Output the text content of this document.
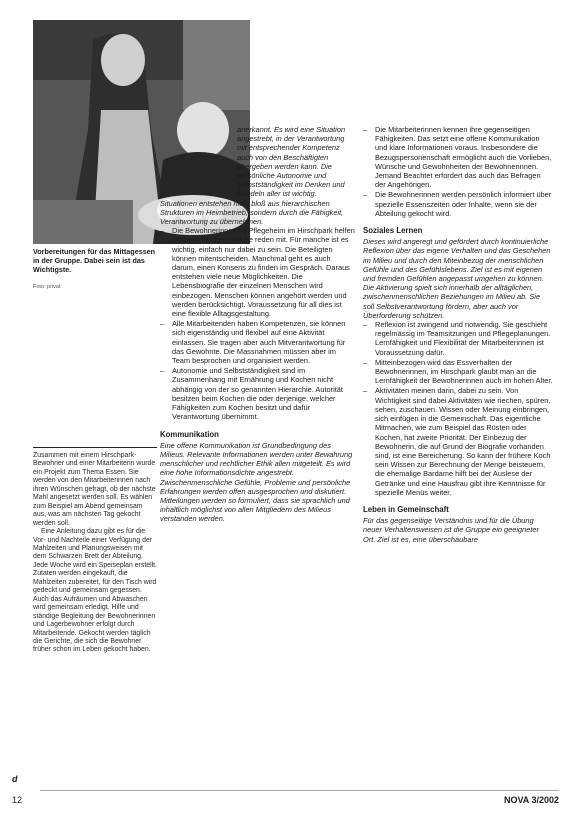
Vorbereitungen für das Mittagessen in der Gruppe. Dabei sein ist das Wichtigste.
Foto: privat

Zusammen mit einem Hirschpark-Bewohner und einer Mitarbeiterin wurde ein Projekt zum Thema Essen. Sie werden von den Mitarbeiterinnen nach ihren Wünschen gefragt, ob der nächste Mahl angesetzt werden soll. Es wählen zum Beispiel am Abend gemeinsam aus, was am nächsten Tag gekocht werden soll.

Eine Anleitung dazu gibt es für die Vor- und Nachteile einer Verfügung der Mahlzeiten und Planungsweisen mit dem Schwarzen Brett der Abteilung. Jede Woche wird ein Speiseplan erstellt. Zutaten werden eingekauft, die Mahlzeiten zubereitet, für den Tisch wird gedeckt und gemeinsam gegessen. Auch das Aufräumen und Abwaschen wird gemeinsam erledigt. Hilfe und ständige Begleitung der Bewohnerinnen und Lagerbewohner erfolgt durch Mitarbeitende. Gekocht werden täglich die Gerichte, die sich die Bewohner früher schon im Leben gekocht haben.

anerkannt. Es wird eine Situation angestrebt, in der Verantwortung mit entsprechender Kompetenz auch von den Beschäftigten übergeben werden kann. Die persönliche Autonomie und Selbstständigkeit im Denken und Handeln aller ist wichtig.

Situationen entstehen nicht bloß aus hierarchischen Strukturen im Heimbetrieb, sondern durch die Fähigkeit, Verantwortung zu übernehmen.

– Die Bewohnerinnen im Pflegeheim im Hirschpark helfen mit beim Kochen und sie reden mit. Für manche ist es wichtig, einfach nur dabei zu sein. Die Beteiligten können mitentscheiden. Manchmal geht es auch darum, einen Konsens zu finden im Gespräch. Daraus entstehen viele neue Möglichkeiten. Die Lebensbiografie der einzelnen Menschen wird einbezogen. Menschen können angehört werden und werden berücksichtigt. Voraussetzung für all dies ist eine flexible Alltagsgestaltung.
– Alle Mitarbeitenden haben Kompetenzen, sie können sich eigenständig und flexibel auf eine Aktivität einlassen. Sie tragen aber auch Mitverantwortung für das Gewohnte. Die Massnahmen müssen aber im Team besprochen und organisiert werden.
– Autonomie und Selbstständigkeit sind im Zusammenhang mit Ernährung und Kochen nicht abhängig von der so genannten Hierarchie. Autorität besitzen beim Kochen die oder derjenige, welcher Fähigkeiten zum Kochen besitzt und dafür Verantwortung übernimmt.
Kommunikation

Eine offene Kommunikation ist Grundbedingung des Milieus. Relevante Informationen werden unter Bewahrung menschlicher und rechtlicher Ethik allen mitgeteilt. Es wird eine hohe Informationsdichte angestrebt. Zwischenmenschliche Gefühle, Probleme und persönliche Erfahrungen werden offen ausgesprochen und diskutiert. Mitteilungen werden so formuliert, dass sie sprachlich und inhaltlich möglichst von allen Mitgliedern des Milieus verstanden werden.

– Die Mitarbeiterinnen kennen ihre gegenseitigen Fähigkeiten. Das setzt eine offene Kommunikation und klare Informationen voraus. Insbesondere die Bezugspersonenschaft ermöglicht auch die Vorlieben, Wünsche und Gewohnheiten der Bewohnerinnen. Jemand Beachtet erfordert das auch das Befragen der Angehörigen.
– Die Bewohnerinnen werden persönlich informiert über spezielle Essenszeiten oder Inhalte, wenn sie der Abteilung gekocht wird.
Soziales Lernen

Dieses wird angeregt und gefördert durch kontinuierliche Reflexion über das eigene Verhalten und das Geschehen im Milieu und durch den Miteinbezug der menschlichen Gefühle und des Gefühlslebens. Ziel ist es mit eigenen und fremden Gefühlen angepasst umgehen zu können. Die Aktivierung spielt sich innerhalb der alltäglichen, zwischenmenschlichen Beziehungen im Milieu ab. Sie soll Selbstverantwortung fördern, aber auch vor Überforderung schützen.

– Reflexion ist zwingend und notwendig. Sie geschieht regelmässig im Teamsitzungen und Pflegeplanungen. Lernfähigkeit und Flexibilität der Mitarbeiterinnen ist Voraussetzung dafür.
– Mitteinbezogen wird das Essverhalten der Bewohnerinnen, im Hirschpark glaubt man an die Lernfähigkeit der Bewohnerinnen auch im hohen Alter.
– Aktivitäten meinen darin, dabei zu sein. Von Wichtigkeit sind dabei Aktivitäten wie riechen, spüren, sehen, zuschauen. Wissen oder Meinung einbringen, sich einfügen in die Gemeinschaft. Das eigentliche Mitmachen, wie zum Beispiel das Rüsten oder Kochen, hat zweite Priorität. Der Einbezug der Bewohnerin, die auf Grund der Biografie vorhanden sind, ist eine Bereicherung. So kann der frühere Koch sein Wissen zur Berechnung der Menge beisteuern, die ehemalige Bardame hilft bei der Auslese der Getränke und eine Hausfrau gibt ihre Kenntnisse für spezielle Menüs weiter.
Leben in Gemeinschaft

Für das gegenseitige Verständnis und für die Übung neuer Verhaltensweisen ist die Gruppe ein geeigneter Ort. Ziel ist es, eine überschaubare

d
12	NOVA 3/2002
